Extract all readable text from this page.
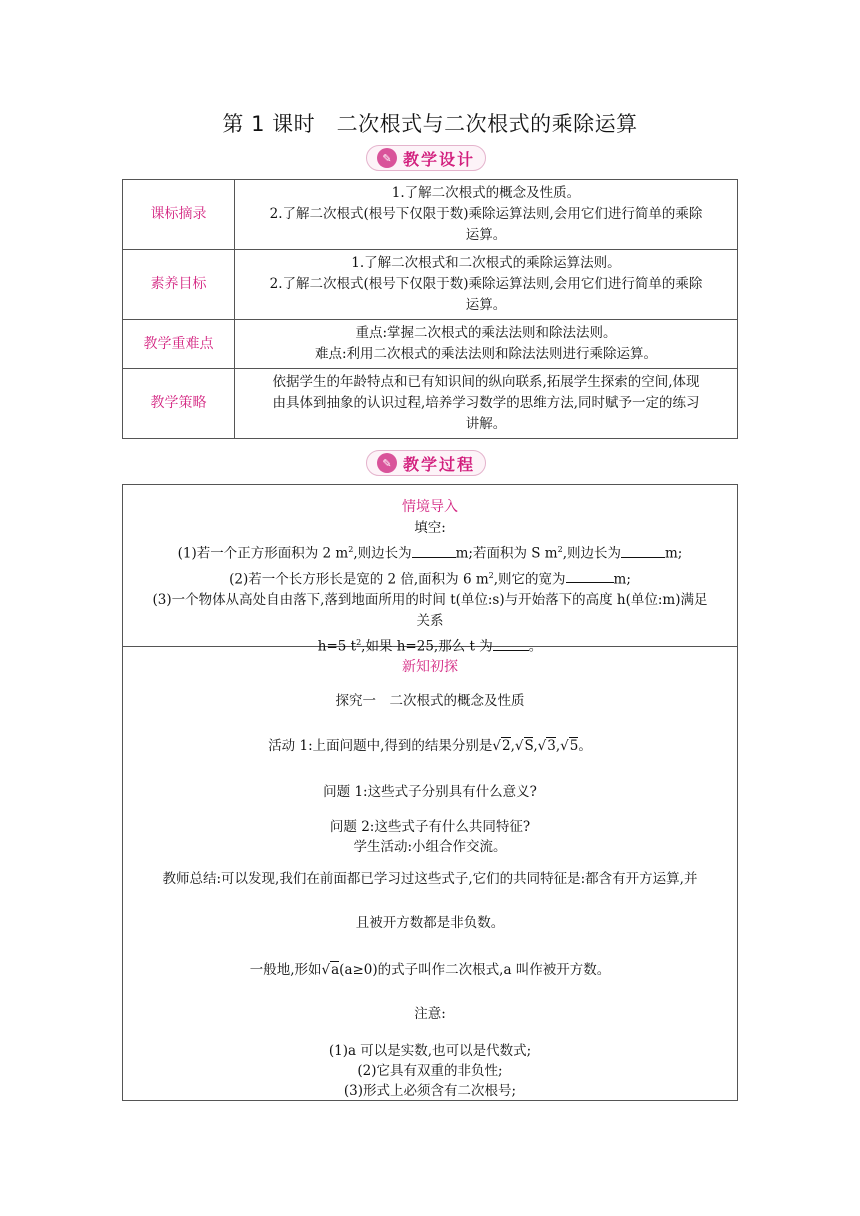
第 1 课时　二次根式与二次根式的乘除运算
✎ 教学设计
课标摘录	1.了解二次根式的概念及性质。
2.了解二次根式(根号下仅限于数)乘除运算法则,会用它们进行简单的乘除
运算。

素养目标	1.了解二次根式和二次根式的乘除运算法则。
2.了解二次根式(根号下仅限于数)乘除运算法则,会用它们进行简单的乘除
运算。

教学重难点	重点:掌握二次根式的乘法法则和除法法则。
难点:利用二次根式的乘法法则和除法法则进行乘除运算。

教学策略	依据学生的年龄特点和已有知识间的纵向联系,拓展学生探索的空间,体现
由具体到抽象的认识过程,培养学习数学的思维方法,同时赋予一定的练习
讲解。
✎ 教学过程
情境导入
填空:
(1)若一个正方形面积为 2 $m^2$,则边长为	m;若面积为 S $m^2$,则边长为	m;
(2)若一个长方形长是宽的 2 倍,面积为 6 $m^2$,则它的宽为	m;
(3)一个物体从高处自由落下,落到地面所用的时间 t(单位:s)与开始落下的高度 h(单位:m)满足
关系
h=5 $t^2$,如果 h=25,那么 t 为	。
新知初探
探究一　二次根式的概念及性质
活动 1:上面问题中,得到的结果分别是√2,√S,√3,√5。
问题 1:这些式子分别具有什么意义?
问题 2:这些式子有什么共同特征?
学生活动:小组合作交流。
教师总结:可以发现,我们在前面都已学习过这些式子,它们的共同特征是:都含有开方运算,并
且被开方数都是非负数。
一般地,形如√a(a≥0)的式子叫作二次根式,a 叫作被开方数。
注意:
(1)a 可以是实数,也可以是代数式;
(2)它具有双重的非负性;
(3)形式上必须含有二次根号;
